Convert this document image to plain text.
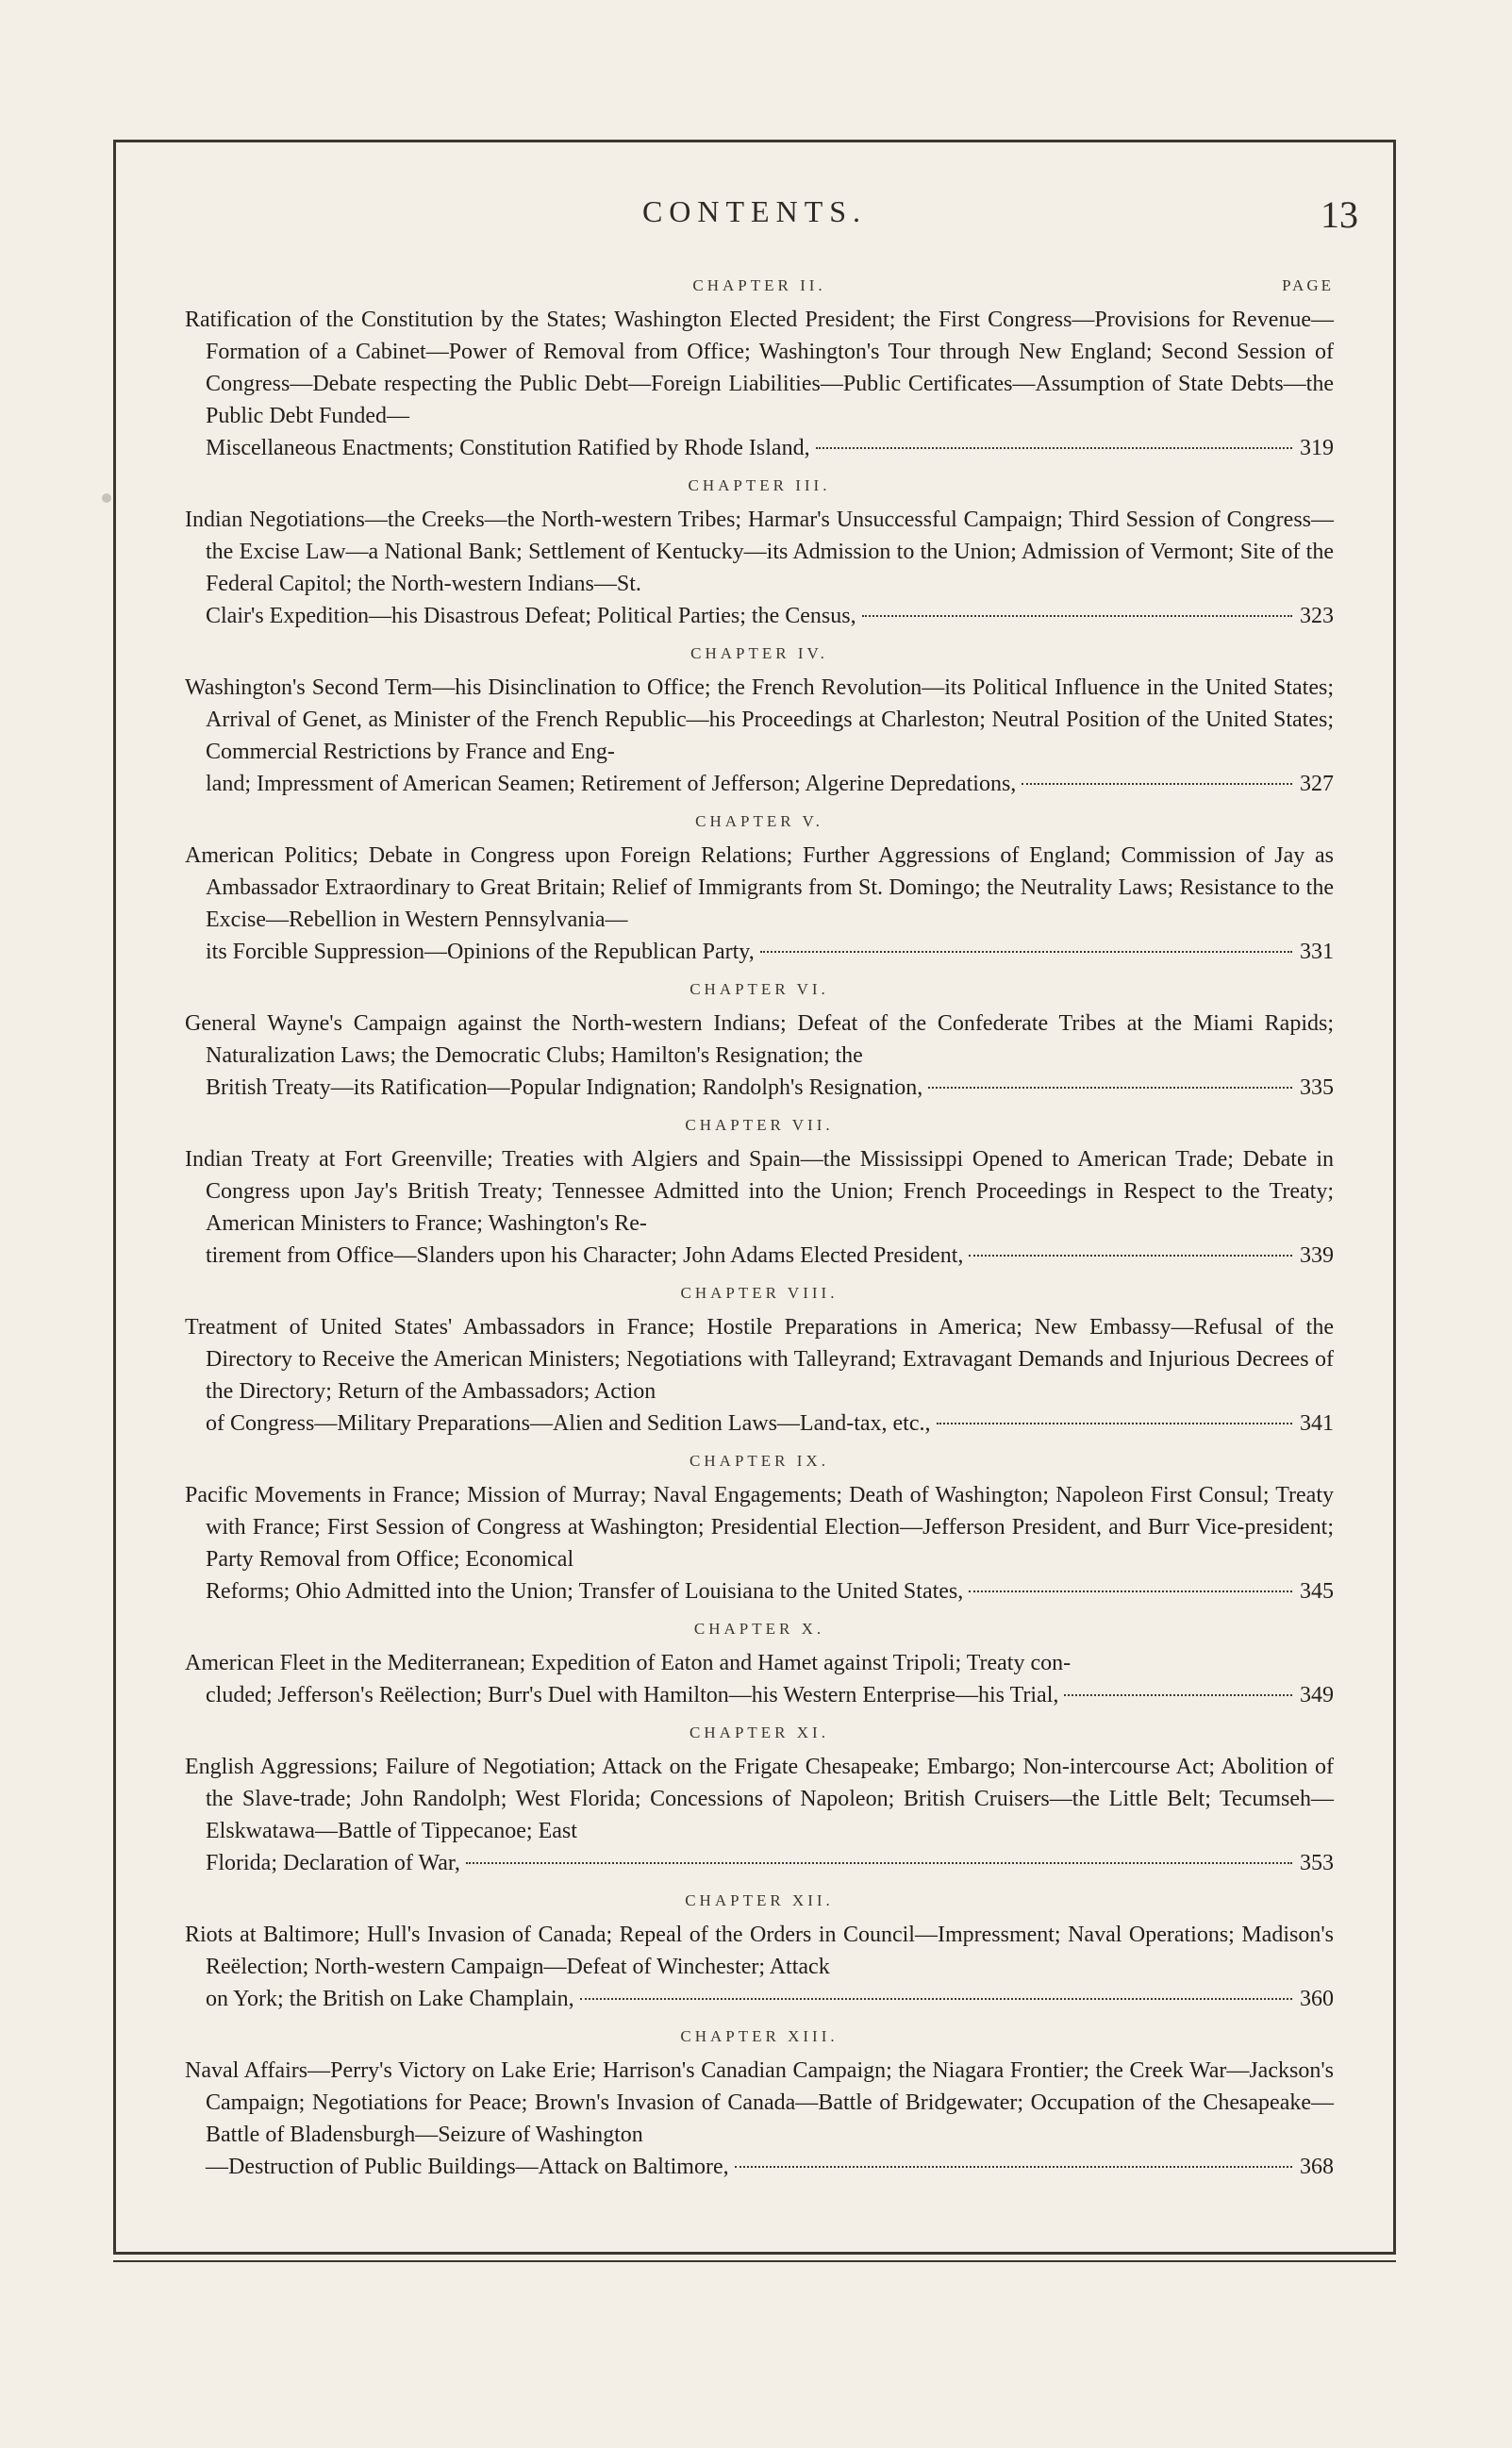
CONTENTS.	13
CHAPTER II.	PAGE

Ratification of the Constitution by the States; Washington Elected President; the First Congress—Provisions for Revenue—Formation of a Cabinet—Power of Removal from Office; Washington's Tour through New England; Second Session of Congress—Debate respecting the Public Debt—Foreign Liabilities—Public Certificates—Assumption of State Debts—the Public Debt Funded—

Miscellaneous Enactments; Constitution Ratified by Rhode Island,	319
CHAPTER III.

Indian Negotiations—the Creeks—the North-western Tribes; Harmar's Unsuccessful Campaign; Third Session of Congress—the Excise Law—a National Bank; Settlement of Kentucky—its Admission to the Union; Admission of Vermont; Site of the Federal Capitol; the North-western Indians—St.

Clair's Expedition—his Disastrous Defeat; Political Parties; the Census,	323
CHAPTER IV.

Washington's Second Term—his Disinclination to Office; the French Revolution—its Political Influence in the United States; Arrival of Genet, as Minister of the French Republic—his Proceedings at Charleston; Neutral Position of the United States; Commercial Restrictions by France and Eng-

land; Impressment of American Seamen; Retirement of Jefferson; Algerine Depredations,	327
CHAPTER V.

American Politics; Debate in Congress upon Foreign Relations; Further Aggressions of England; Commission of Jay as Ambassador Extraordinary to Great Britain; Relief of Immigrants from St. Domingo; the Neutrality Laws; Resistance to the Excise—Rebellion in Western Pennsylvania—

its Forcible Suppression—Opinions of the Republican Party,	331
CHAPTER VI.

General Wayne's Campaign against the North-western Indians; Defeat of the Confederate Tribes at the Miami Rapids; Naturalization Laws; the Democratic Clubs; Hamilton's Resignation; the

British Treaty—its Ratification—Popular Indignation; Randolph's Resignation,	335
CHAPTER VII.

Indian Treaty at Fort Greenville; Treaties with Algiers and Spain—the Mississippi Opened to American Trade; Debate in Congress upon Jay's British Treaty; Tennessee Admitted into the Union; French Proceedings in Respect to the Treaty; American Ministers to France; Washington's Re-

tirement from Office—Slanders upon his Character; John Adams Elected President,	339
CHAPTER VIII.

Treatment of United States' Ambassadors in France; Hostile Preparations in America; New Embassy—Refusal of the Directory to Receive the American Ministers; Negotiations with Talleyrand; Extravagant Demands and Injurious Decrees of the Directory; Return of the Ambassadors; Action

of Congress—Military Preparations—Alien and Sedition Laws—Land-tax, etc.,	341
CHAPTER IX.

Pacific Movements in France; Mission of Murray; Naval Engagements; Death of Washington; Napoleon First Consul; Treaty with France; First Session of Congress at Washington; Presidential Election—Jefferson President, and Burr Vice-president; Party Removal from Office; Economical

Reforms; Ohio Admitted into the Union; Transfer of Louisiana to the United States,	345
CHAPTER X.

American Fleet in the Mediterranean; Expedition of Eaton and Hamet against Tripoli; Treaty con-

cluded; Jefferson's Reëlection; Burr's Duel with Hamilton—his Western Enterprise—his Trial,	349
CHAPTER XI.

English Aggressions; Failure of Negotiation; Attack on the Frigate Chesapeake; Embargo; Non-intercourse Act; Abolition of the Slave-trade; John Randolph; West Florida; Concessions of Napoleon; British Cruisers—the Little Belt; Tecumseh—Elskwatawa—Battle of Tippecanoe; East

Florida; Declaration of War,	353
CHAPTER XII.

Riots at Baltimore; Hull's Invasion of Canada; Repeal of the Orders in Council—Impressment; Naval Operations; Madison's Reëlection; North-western Campaign—Defeat of Winchester; Attack

on York; the British on Lake Champlain,	360
CHAPTER XIII.

Naval Affairs—Perry's Victory on Lake Erie; Harrison's Canadian Campaign; the Niagara Frontier; the Creek War—Jackson's Campaign; Negotiations for Peace; Brown's Invasion of Canada—Battle of Bridgewater; Occupation of the Chesapeake—Battle of Bladensburgh—Seizure of Washington

—Destruction of Public Buildings—Attack on Baltimore,	368
